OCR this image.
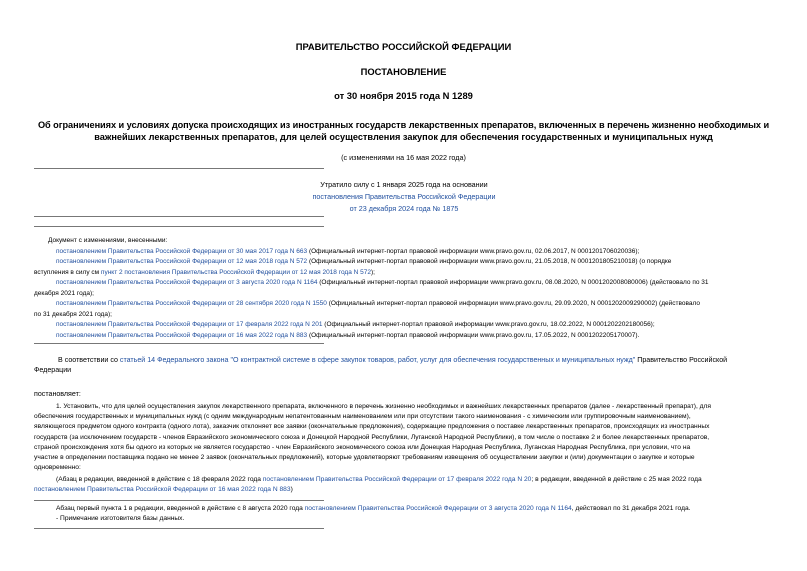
ПРАВИТЕЛЬСТВО РОССИЙСКОЙ ФЕДЕРАЦИИ
ПОСТАНОВЛЕНИЕ
от 30 ноября 2015 года N 1289
Об ограничениях и условиях допуска происходящих из иностранных государств лекарственных препаратов, включенных в перечень жизненно необходимых и
важнейших лекарственных препаратов, для целей осуществления закупок для обеспечения государственных и муниципальных нужд
(с изменениями на 16 мая 2022 года)
Утратило силу с 1 января 2025 года на основании
постановления Правительства Российской Федерации
от 23 декабря 2024 года № 1875
Документ с изменениями, внесенными:
постановлением Правительства Российской Федерации от 30 мая 2017 года N 663 (Официальный интернет-портал правовой информации www.pravo.gov.ru, 02.06.2017, N 0001201706020036);
постановлением Правительства Российской Федерации от 12 мая 2018 года N 572 (Официальный интернет-портал правовой информации www.pravo.gov.ru, 21.05.2018, N 0001201805210018) (о порядке
вступления в силу см пункт 2 постановления Правительства Российской Федерации от 12 мая 2018 года N 572);
постановлением Правительства Российской Федерации от 3 августа 2020 года N 1164 (Официальный интернет-портал правовой информации www.pravo.gov.ru, 08.08.2020, N 0001202008080006) (действовало по 31
декабря 2021 года);
постановлением Правительства Российской Федерации от 28 сентября 2020 года N 1550 (Официальный интернет-портал правовой информации www.pravo.gov.ru, 29.09.2020, N 0001202009290002) (действовало
по 31 декабря 2021 года);
постановлением Правительства Российской Федерации от 17 февраля 2022 года N 201 (Официальный интернет-портал правовой информации www.pravo.gov.ru, 18.02.2022, N 0001202202180056);
постановлением Правительства Российской Федерации от 16 мая 2022 года N 883 (Официальный интернет-портал правовой информации www.pravo.gov.ru, 17.05.2022, N 0001202205170007).
В соответствии со статьей 14 Федерального закона "О контрактной системе в сфере закупок товаров, работ, услуг для обеспечения государственных и муниципальных нужд" Правительство Российской
Федерации
постановляет:
1. Установить, что для целей осуществления закупок лекарственного препарата, включенного в перечень жизненно необходимых и важнейших лекарственных препаратов (далее - лекарственный препарат), для
обеспечения государственных и муниципальных нужд (с одним международным непатентованным наименованием или при отсутствии такого наименования - с химическим или группировочным наименованием),
являющегося предметом одного контракта (одного лота), заказчик отклоняет все заявки (окончательные предложения), содержащие предложения о поставке лекарственных препаратов, происходящих из иностранных
государств (за исключением государств - членов Евразийского экономического союза и Донецкой Народной Республики, Луганской Народной Республики), в том числе о поставке 2 и более лекарственных препаратов,
страной происхождения хотя бы одного из которых не является государство - член Евразийского экономического союза или Донецкая Народная Республика, Луганская Народная Республика, при условии, что на
участие в определении поставщика подано не менее 2 заявок (окончательных предложений), которые удовлетворяют требованиям извещения об осуществлении закупки и (или) документации о закупке и которые
одновременно:
(Абзац в редакции, введенной в действие с 18 февраля 2022 года постановлением Правительства Российской Федерации от 17 февраля 2022 года N 20; в редакции, введенной в действие с 25 мая 2022 года
постановлением Правительства Российской Федерации от 16 мая 2022 года N 883)
Абзац первый пункта 1 в редакции, введенной в действие с 8 августа 2020 года постановлением Правительства Российской Федерации от 3 августа 2020 года N 1164, действовал по 31 декабря 2021 года.
- Примечание изготовителя базы данных.
